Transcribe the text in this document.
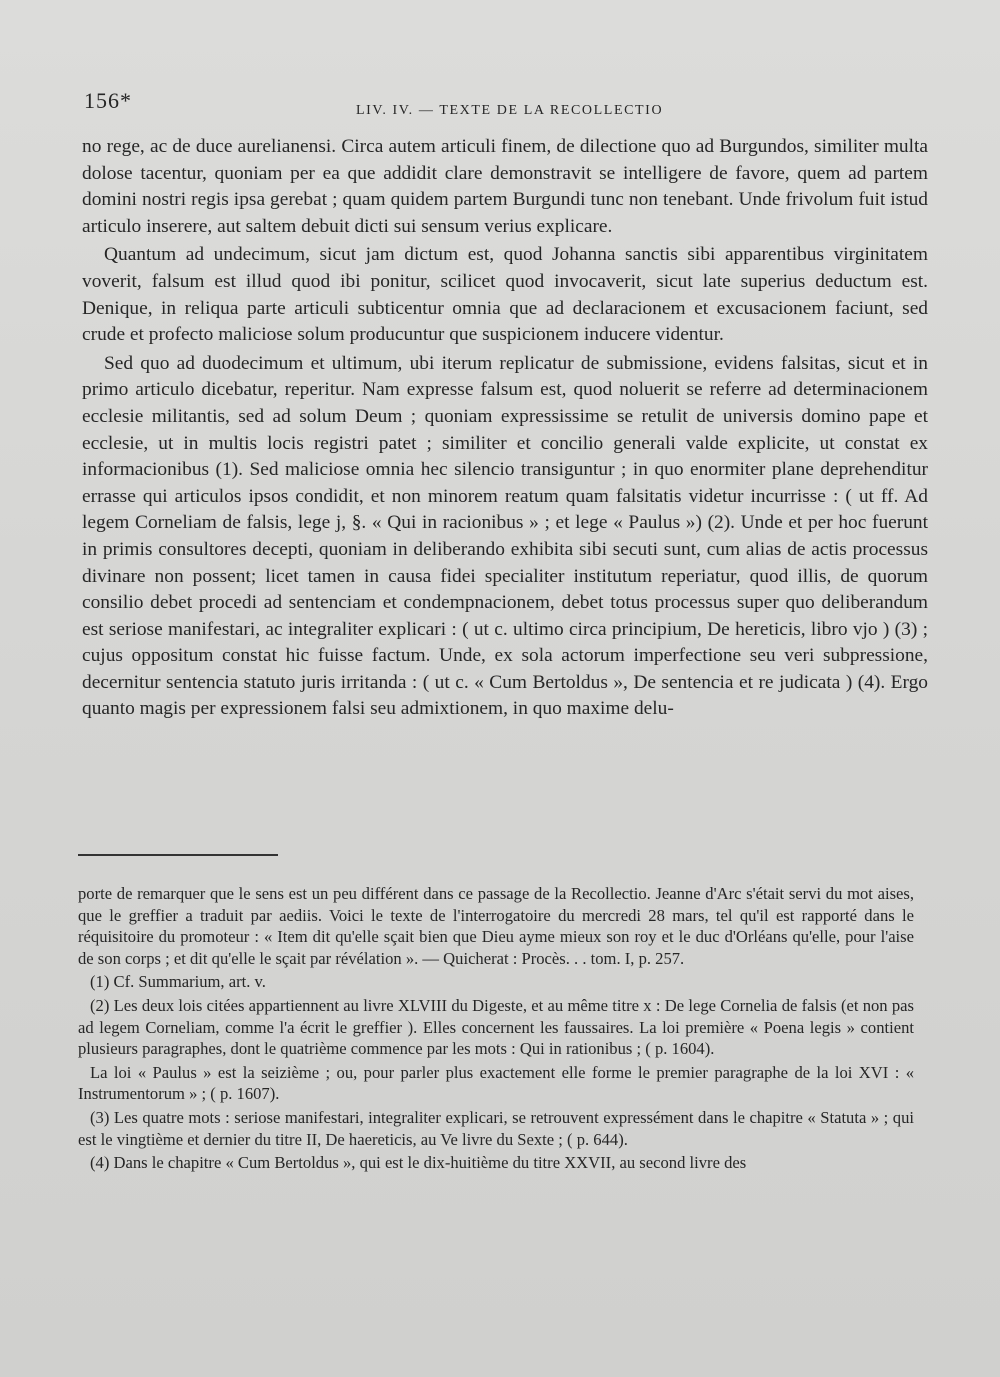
156*	LIV. IV. — TEXTE DE LA RECOLLECTIO

no rege, ac de duce aurelianensi. Circa autem articuli finem, de dilectione quo ad Burgundos, similiter multa dolose tacentur, quoniam per ea que addidit clare demonstravit se intelligere de favore, quem ad partem domini nostri regis ipsa gerebat ; quam quidem partem Burgundi tunc non tenebant. Unde frivolum fuit istud articulo inserere, aut saltem debuit dicti sui sensum verius explicare.

Quantum ad undecimum, sicut jam dictum est, quod Johanna sanctis sibi apparentibus virginitatem voverit, falsum est illud quod ibi ponitur, scilicet quod invocaverit, sicut late superius deductum est. Denique, in reliqua parte articuli subticentur omnia que ad declaracionem et excusacionem faciunt, sed crude et profecto maliciose solum producuntur que suspicionem inducere videntur.

Sed quo ad duodecimum et ultimum, ubi iterum replicatur de submissione, evidens falsitas, sicut et in primo articulo dicebatur, reperitur. Nam expresse falsum est, quod noluerit se referre ad determinacionem ecclesie militantis, sed ad solum Deum ; quoniam expressissime se retulit de universis domino pape et ecclesie, ut in multis locis registri patet ; similiter et concilio generali valde explicite, ut constat ex informacionibus (1). Sed maliciose omnia hec silencio transiguntur ; in quo enormiter plane deprehenditur errasse qui articulos ipsos condidit, et non minorem reatum quam falsitatis videtur incurrisse : ( ut ff. Ad legem Corneliam de falsis, lege j, §. « Qui in racionibus » ; et lege « Paulus ») (2). Unde et per hoc fuerunt in primis consultores decepti, quoniam in deliberando exhibita sibi secuti sunt, cum alias de actis processus divinare non possent; licet tamen in causa fidei specialiter institutum reperiatur, quod illis, de quorum consilio debet procedi ad sentenciam et condempnacionem, debet totus processus super quo deliberandum est seriose manifestari, ac integraliter explicari : ( ut c. ultimo circa principium, De hereticis, libro vjo ) (3) ; cujus oppositum constat hic fuisse factum. Unde, ex sola actorum imperfectione seu veri subpressione, decernitur sentencia statuto juris irritanda : ( ut c. « Cum Bertoldus », De sentencia et re judicata ) (4). Ergo quanto magis per expressionem falsi seu admixtionem, in quo maxime delu-

porte de remarquer que le sens est un peu différent dans ce passage de la Recollectio. Jeanne d'Arc s'était servi du mot aises, que le greffier a traduit par aediis. Voici le texte de l'interrogatoire du mercredi 28 mars, tel qu'il est rapporté dans le réquisitoire du promoteur : « Item dit qu'elle sçait bien que Dieu ayme mieux son roy et le duc d'Orléans qu'elle, pour l'aise de son corps ; et dit qu'elle le sçait par révélation ». — Quicherat : Procès. . . tom. I, p. 257.

(1) Cf. Summarium, art. v.

(2) Les deux lois citées appartiennent au livre XLVIII du Digeste, et au même titre x : De lege Cornelia de falsis (et non pas ad legem Corneliam, comme l'a écrit le greffier ). Elles concernent les faussaires. La loi première « Poena legis » contient plusieurs paragraphes, dont le quatrième commence par les mots : Qui in rationibus ; ( p. 1604).

La loi « Paulus » est la seizième ; ou, pour parler plus exactement elle forme le premier paragraphe de la loi XVI : « Instrumentorum » ; ( p. 1607).

(3) Les quatre mots : seriose manifestari, integraliter explicari, se retrouvent expressément dans le chapitre « Statuta » ; qui est le vingtième et dernier du titre II, De haereticis, au Ve livre du Sexte ; ( p. 644).

(4) Dans le chapitre « Cum Bertoldus », qui est le dix-huitième du titre XXVII, au second livre des
